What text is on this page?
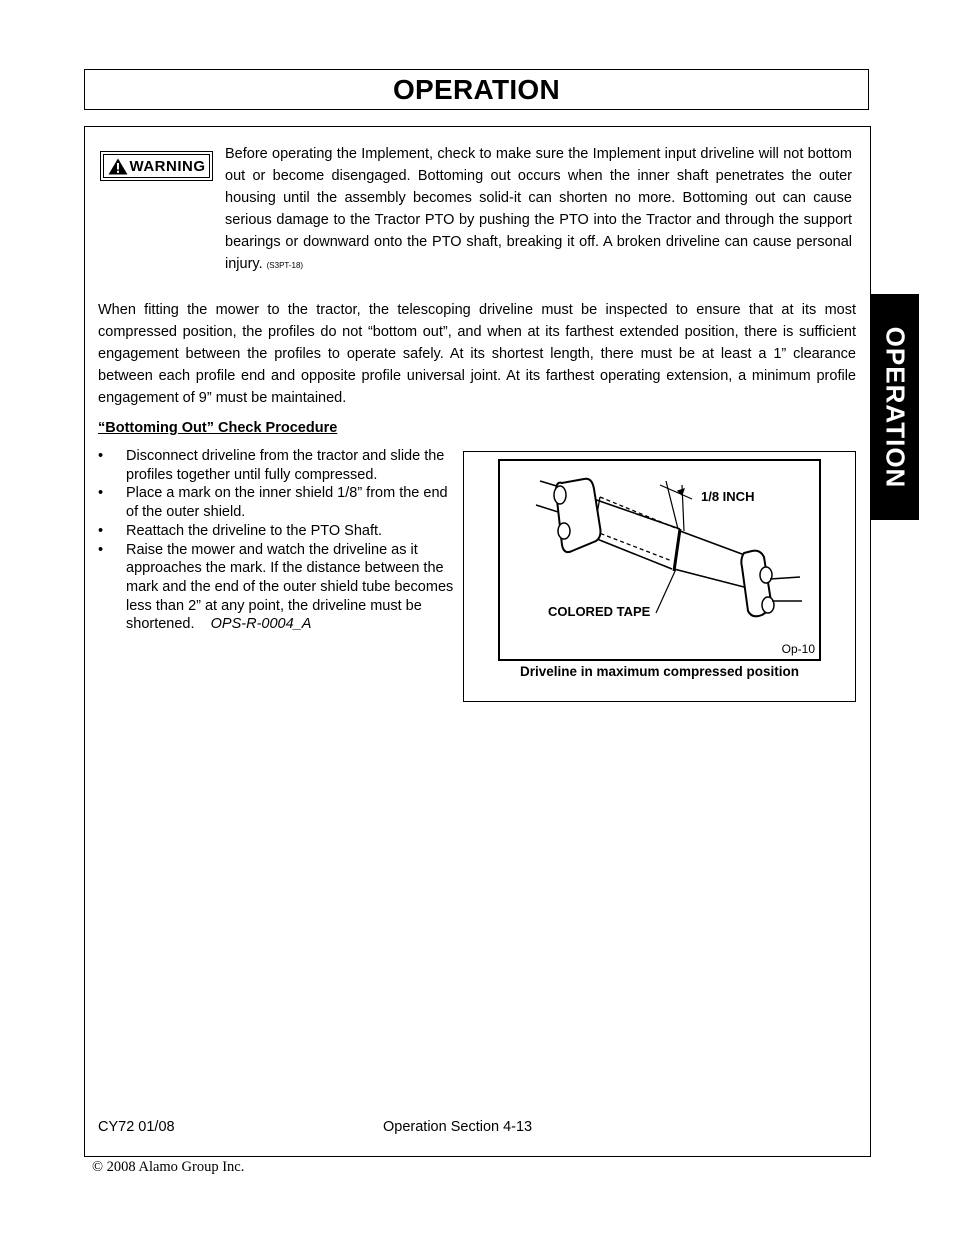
OPERATION
OPERATION
WARNING
Before operating the Implement, check to make sure the Implement input driveline will not bottom out or become disengaged. Bottoming out occurs when the inner shaft penetrates the outer housing until the assembly becomes solid-it can shorten no more. Bottoming out can cause serious damage to the Tractor PTO by pushing the PTO into the Tractor and through the support bearings or downward onto the PTO shaft, breaking it off. A broken driveline can cause personal injury. (S3PT-18)
When fitting the mower to the tractor, the telescoping driveline must be inspected to ensure that at its most compressed position, the profiles do not “bottom out”, and when at its farthest extended position, there is sufficient engagement between the profiles to operate safely. At its shortest length, there must be at least a 1” clearance between each profile end and opposite profile universal joint. At its farthest operating extension, a minimum profile engagement of 9” must be maintained.
“Bottoming Out” Check Procedure
• Disconnect driveline from the tractor and slide the profiles together until fully compressed.
• Place a mark on the inner shield 1/8” from the end of the outer shield.
• Reattach the driveline to the PTO Shaft.
• Raise the mower and watch the driveline as it approaches the mark. If the distance between the mark and the end of the outer shield tube becomes less than 2” at any point, the driveline must be shortened. OPS-R-0004_A
1/8 INCH
COLORED TAPE
Op-10
Driveline in maximum compressed position
CY72 01/08	Operation Section 4-13
© 2008 Alamo Group Inc.
